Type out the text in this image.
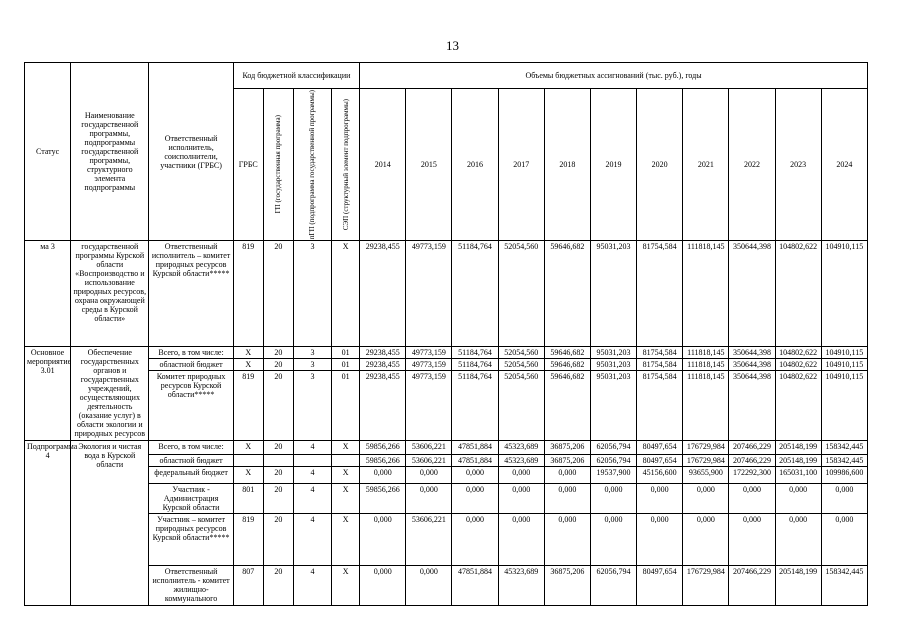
13
Статус	Наименование государственной программы, подпрограммы государственной программы, структурного элемента подпрограммы	Ответственный исполнитель, соисполнители, участники (ГРБС)	Код бюджетной классификации				Объемы бюджетных ассигнований (тыс. руб.), годы										
			ГРБС	ГП (государственная программа)	пГП (подпрограмма государственной программы)	СЭП (структурный элемент подпрограммы)	2014	2015	2016	2017	2018	2019	2020	2021	2022	2023	2024
ма 3	государственной программы Курской области «Воспроизводство и использование природных ресурсов, охрана окружающей среды в Курской области»	Ответственный исполнитель – комитет природных ресурсов Курской области*****	819	20	3	X	29238,455	49773,159	51184,764	52054,560	59646,682	95031,203	81754,584	111818,145	350644,398	104802,622	104910,115
Основное мероприятие 3.01	Обеспечение государственных органов и государственных учреждений, осуществляющих деятельность (оказание услуг) в области экологии и природных ресурсов	Всего, в том числе:	X	20	3	01	29238,455	49773,159	51184,764	52054,560	59646,682	95031,203	81754,584	111818,145	350644,398	104802,622	104910,115
		областной бюджет	X	20	3	01	29238,455	49773,159	51184,764	52054,560	59646,682	95031,203	81754,584	111818,145	350644,398	104802,622	104910,115
		Комитет природных ресурсов Курской области*****	819	20	3	01	29238,455	49773,159	51184,764	52054,560	59646,682	95031,203	81754,584	111818,145	350644,398	104802,622	104910,115
Подпрограмма 4	Экология и чистая вода в Курской области	Всего, в том числе:	X	20	4	X	59856,266	53606,221	47851,884	45323,689	36875,206	62056,794	80497,654	176729,984	207466,229	205148,199	158342,445
		областной бюджет					59856,266	53606,221	47851,884	45323,689	36875,206	62056,794	80497,654	176729,984	207466,229	205148,199	158342,445
		федеральный бюджет	X	20	4	X	0,000	0,000	0,000	0,000	0,000	19537,900	45156,600	93655,900	172292,300	165031,100	109986,600
		Участник - Администрация Курской области	801	20	4	X	59856,266	0,000	0,000	0,000	0,000	0,000	0,000	0,000	0,000	0,000	0,000
		Участник – комитет природных ресурсов Курской области*****	819	20	4	X	0,000	53606,221	0,000	0,000	0,000	0,000	0,000	0,000	0,000	0,000	0,000
		Ответственный исполнитель - комитет жилищно-коммунального	807	20	4	X	0,000	0,000	47851,884	45323,689	36875,206	62056,794	80497,654	176729,984	207466,229	205148,199	158342,445
